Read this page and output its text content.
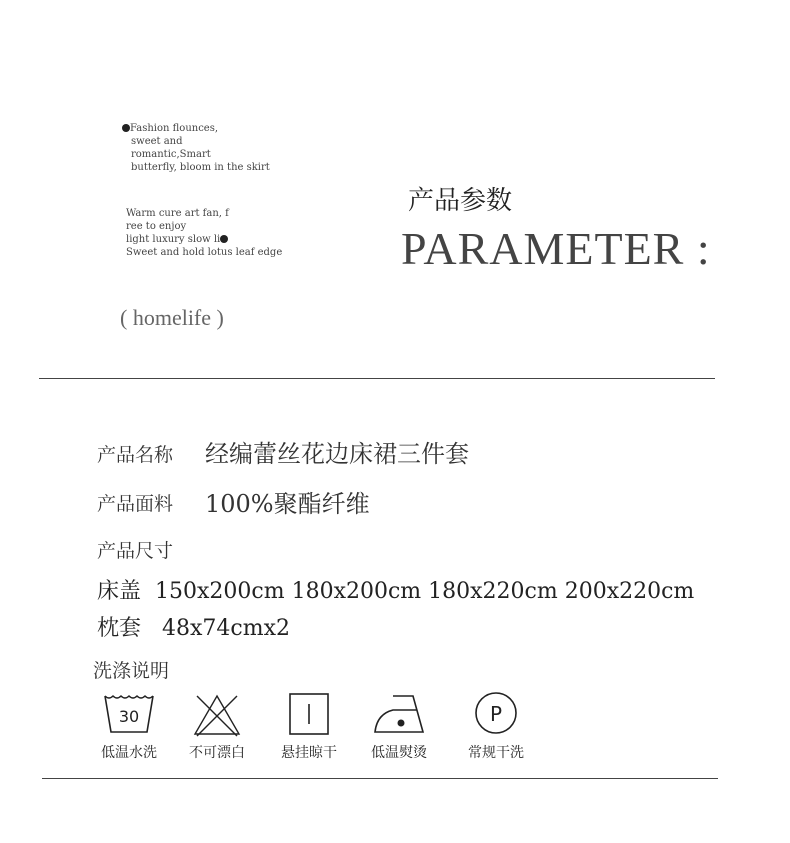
Fashion flounces,
sweet and
romantic,Smart
butterfly, bloom in the skirt
Warm cure art fan, f
ree to enjoy
light luxury slow li
Sweet and hold lotus leaf edge
( homelife )
产品参数
PARAMETER :
产品名称 经编蕾丝花边床裙三件套
产品面料 100%聚酯纤维
产品尺寸
床盖 150x200cm 180x200cm 180x220cm 200x220cm
枕套 48x74cmx2
洗涤说明
30
低温水洗 不可漂白	悬挂晾干 低温熨烫
P
常规干洗
